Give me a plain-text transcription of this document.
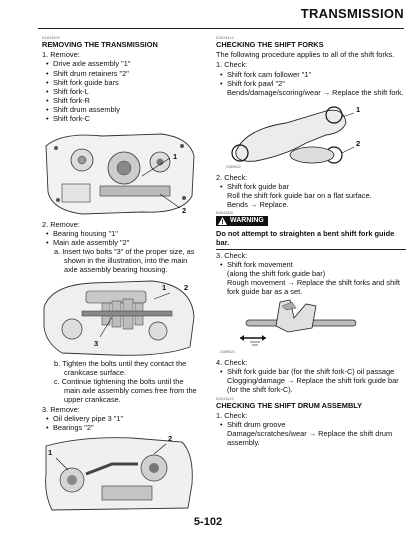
TRANSMISSION
EAS26400
REMOVING THE TRANSMISSION
1. Remove:
• Drive axle assembly "1"
• Shift drum retainers "2"
• Shift fork guide bars
• Shift fork-L
• Shift fork-R
• Shift drum assembly
• Shift fork-C
1
2
2. Remove:
• Bearing housing "1"
• Main axle assembly "2"
a. Insert two bolts "3" of the proper size, as shown in the illustration, into the main axle assembly bearing housing.
1 2
3
b. Tighten the bolts until they contact the crankcase surface.
c. Continue tightening the bolts until the main axle assembly comes free from the upper crankcase.
3. Remove:
• Oil delivery pipe 3 "1"
• Bearings "2"
1
2
EAS26410
CHECKING THE SHIFT FORKS
The following procedure applies to all of the shift forks.
1. Check:
• Shift fork cam follower "1"
• Shift fork pawl "2"
Bends/damage/scoring/wear → Replace the shift fork.
1
2
G089022
2. Check:
• Shift fork guide bar
Roll the shift fork guide bar on a flat surface.
Bends → Replace.
EWA12840
WARNING
Do not attempt to straighten a bent shift fork guide bar.
3. Check:
• Shift fork movement
(along the shift fork guide bar)
Rough movement → Replace the shift forks and shift fork guide bar as a set.
G089023
4. Check:
• Shift fork guide bar (for the shift fork-C) oil passage
Clogging/damage → Replace the shift fork guide bar (for the shift fork-C).
EAS26420
CHECKING THE SHIFT DRUM ASSEMBLY
1. Check:
• Shift drum groove
Damage/scratches/wear → Replace the shift drum assembly.
5-102
